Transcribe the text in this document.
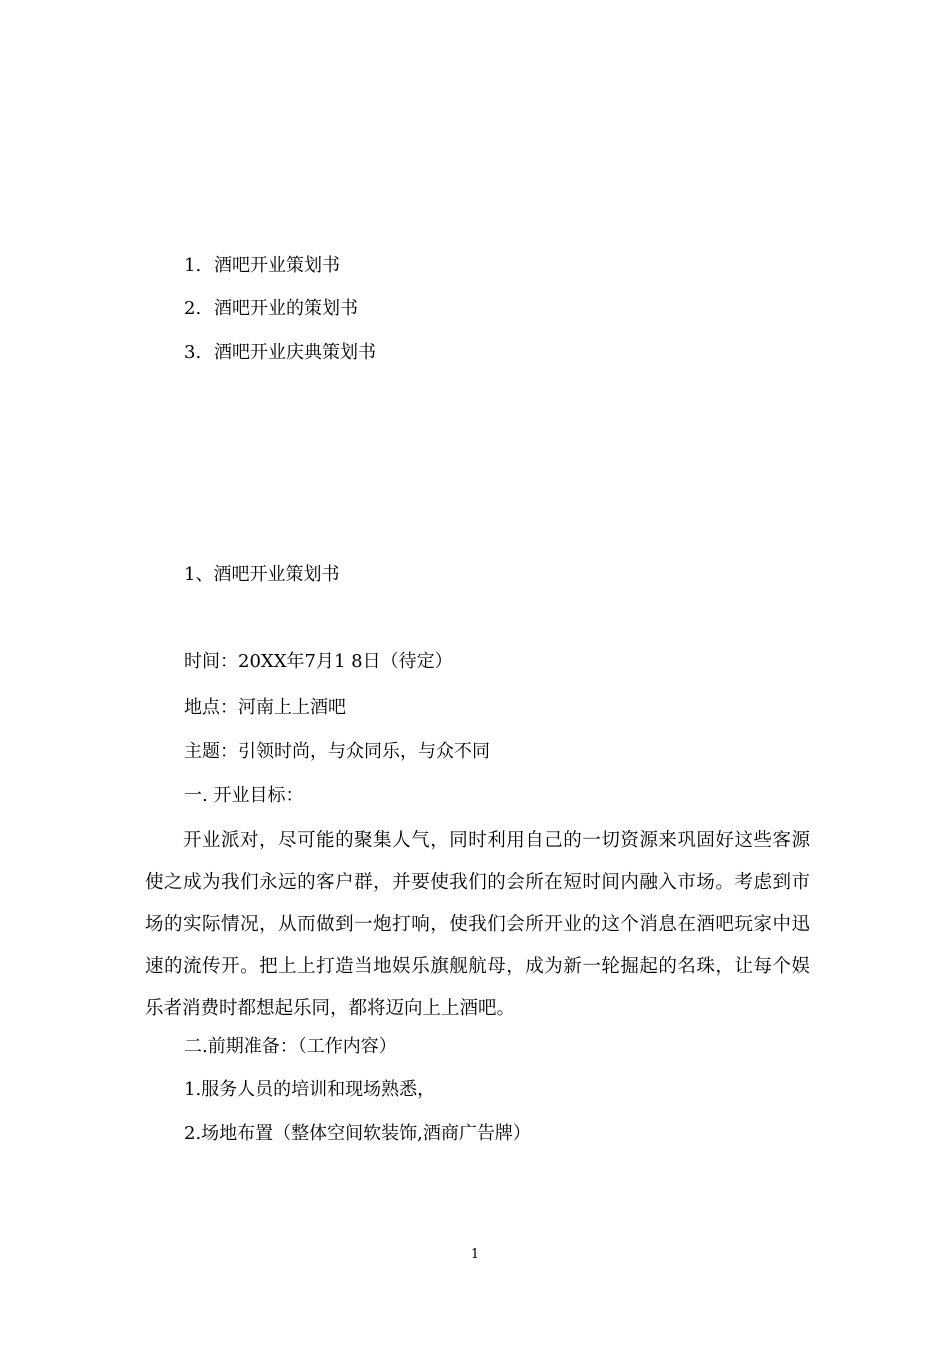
1. 酒吧开业策划书
2. 酒吧开业的策划书
3. 酒吧开业庆典策划书
1、酒吧开业策划书
时间：20XX年7月1 8日（待定）
地点：河南上上酒吧
主题：引领时尚，与众同乐，与众不同
一. 开业目标：
开业派对，尽可能的聚集人气，同时利用自己的一切资源来巩固好这些客源使之成为我们永远的客户群，并要使我们的会所在短时间内融入市场。考虑到市场的实际情况，从而做到一炮打响，使我们会所开业的这个消息在酒吧玩家中迅速的流传开。把上上打造当地娱乐旗舰航母，成为新一轮掘起的名珠，让每个娱乐者消费时都想起乐同，都将迈向上上酒吧。
二.前期准备：（工作内容）
1.服务人员的培训和现场熟悉，
2.场地布置（整体空间软装饰,酒商广告牌）
1
